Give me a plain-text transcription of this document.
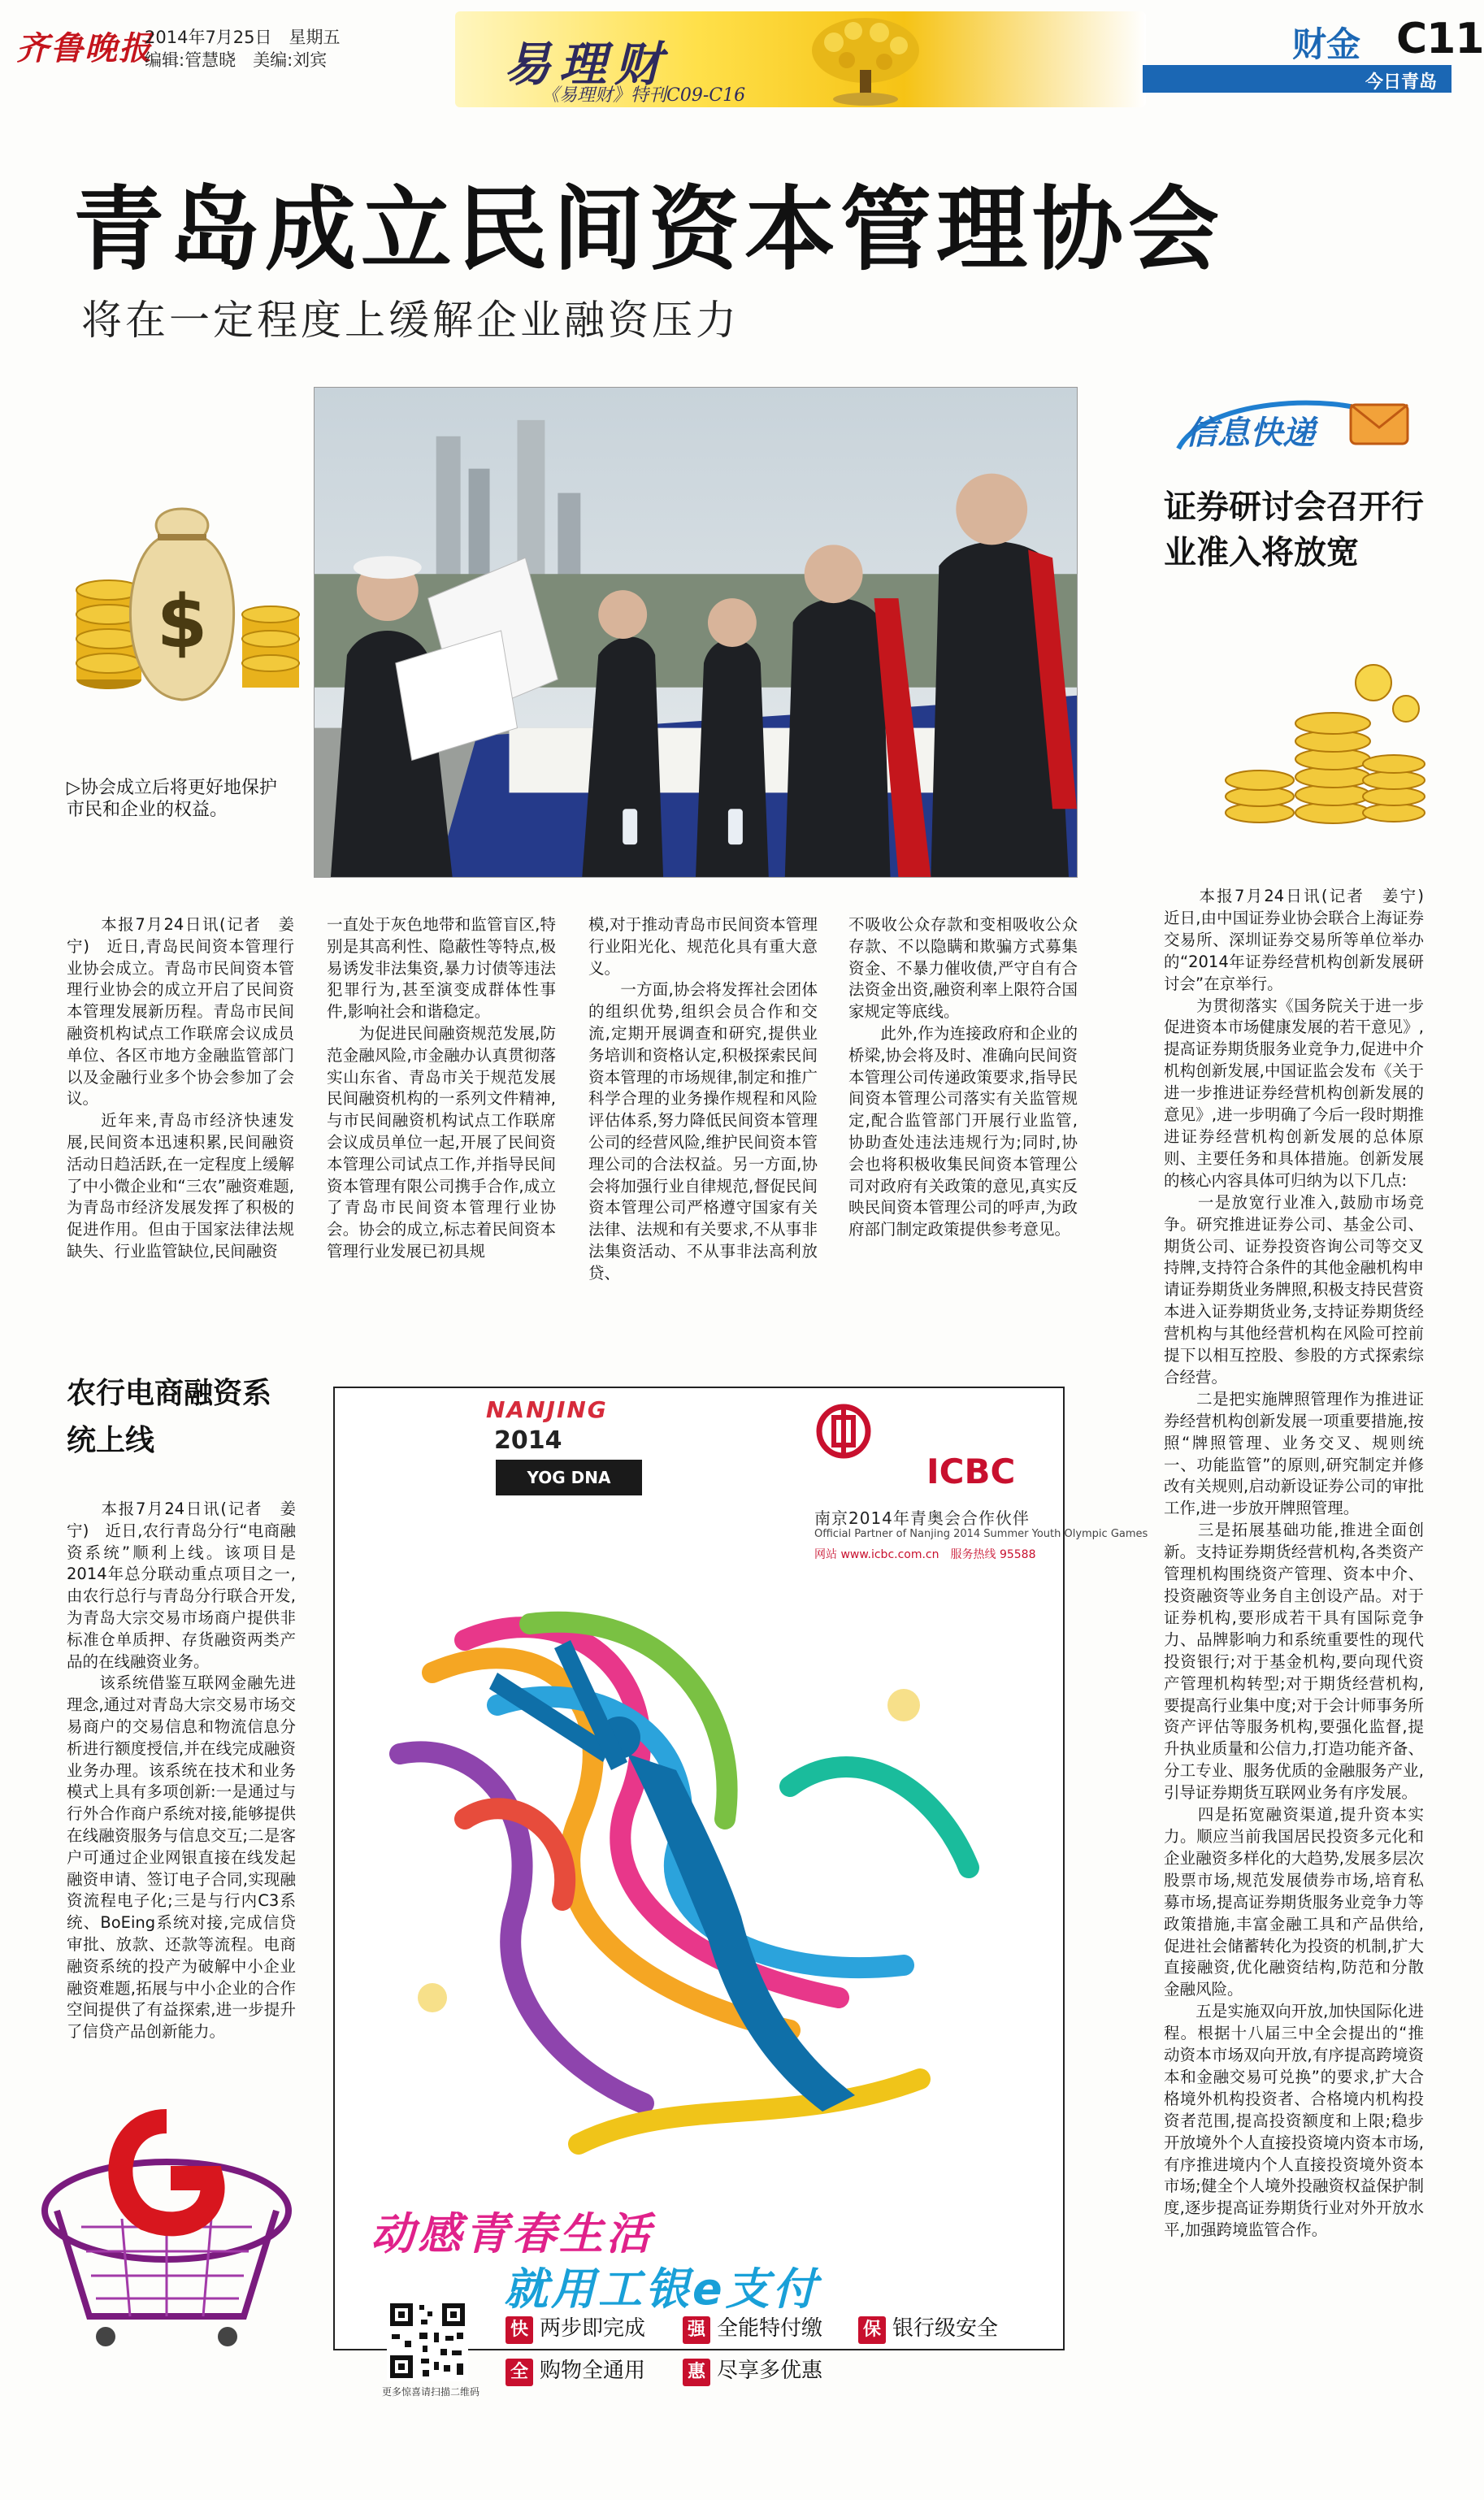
齐鲁晚报
2014年7月25日　星期五
编辑:管慧晓　美编:刘宾	易理财
《易理财》特刊C09-C16
财金 C11
今日青岛
青岛成立民间资本管理协会
将在一定程度上缓解企业融资压力
$
▷协会成立后将更好地保护市民和企业的权益。
　　本报7月24日讯(记者　姜宁)　近日,青岛民间资本管理行业协会成立。青岛市民间资本管理行业协会的成立开启了民间资本管理发展新历程。青岛市民间融资机构试点工作联席会议成员单位、各区市地方金融监管部门以及金融行业多个协会参加了会议。
　　近年来,青岛市经济快速发展,民间资本迅速积累,民间融资活动日趋活跃,在一定程度上缓解了中小微企业和“三农”融资难题,为青岛市经济发展发挥了积极的促进作用。但由于国家法律法规缺失、行业监管缺位,民间融资
一直处于灰色地带和监管盲区,特别是其高利性、隐蔽性等特点,极易诱发非法集资,暴力讨债等违法犯罪行为,甚至演变成群体性事件,影响社会和谐稳定。
　　为促进民间融资规范发展,防范金融风险,市金融办认真贯彻落实山东省、青岛市关于规范发展民间融资机构的一系列文件精神,与市民间融资机构试点工作联席会议成员单位一起,开展了民间资本管理公司试点工作,并指导民间资本管理有限公司携手合作,成立了青岛市民间资本管理行业协会。协会的成立,标志着民间资本管理行业发展已初具规
模,对于推动青岛市民间资本管理行业阳光化、规范化具有重大意义。
　　一方面,协会将发挥社会团体的组织优势,组织会员合作和交流,定期开展调查和研究,提供业务培训和资格认定,积极探索民间资本管理的市场规律,制定和推广科学合理的业务操作规程和风险评估体系,努力降低民间资本管理公司的经营风险,维护民间资本管理公司的合法权益。另一方面,协会将加强行业自律规范,督促民间资本管理公司严格遵守国家有关法律、法规和有关要求,不从事非法集资活动、不从事非法高利放贷、
不吸收公众存款和变相吸收公众存款、不以隐瞒和欺骗方式募集资金、不暴力催收债,严守自有合法资金出资,融资利率上限符合国家规定等底线。
　　此外,作为连接政府和企业的桥梁,协会将及时、准确向民间资本管理公司传递政策要求,指导民间资本管理公司落实有关监管规定,配合监管部门开展行业监管,协助查处违法违规行为;同时,协会也将积极收集民间资本管理公司对政府有关政策的意见,真实反映民间资本管理公司的呼声,为政府部门制定政策提供参考意见。
信息快递
证券研讨会召开行业准入将放宽
　　本报7月24日讯(记者　姜宁)　近日,由中国证券业协会联合上海证券交易所、深圳证券交易所等单位举办的“2014年证券经营机构创新发展研讨会”在京举行。
　　为贯彻落实《国务院关于进一步促进资本市场健康发展的若干意见》,提高证券期货服务业竞争力,促进中介机构创新发展,中国证监会发布《关于进一步推进证券经营机构创新发展的意见》,进一步明确了今后一段时期推进证券经营机构创新发展的总体原则、主要任务和具体措施。创新发展的核心内容具体可归纳为以下几点:
　　一是放宽行业准入,鼓励市场竞争。研究推进证券公司、基金公司、期货公司、证券投资咨询公司等交叉持牌,支持符合条件的其他金融机构申请证券期货业务牌照,积极支持民营资本进入证券期货业务,支持证券期货经营机构与其他经营机构在风险可控前提下以相互控股、参股的方式探索综合经营。
　　二是把实施牌照管理作为推进证券经营机构创新发展一项重要措施,按照“牌照管理、业务交叉、规则统一、功能监管”的原则,研究制定并修改有关规则,启动新设证券公司的审批工作,进一步放开牌照管理。
　　三是拓展基础功能,推进全面创新。支持证券期货经营机构,各类资产管理机构围绕资产管理、资本中介、投资融资等业务自主创设产品。对于证券机构,要形成若干具有国际竞争力、品牌影响力和系统重要性的现代投资银行;对于基金机构,要向现代资产管理机构转型;对于期货经营机构,要提高行业集中度;对于会计师事务所资产评估等服务机构,要强化监督,提升执业质量和公信力,打造功能齐备、分工专业、服务优质的金融服务产业,引导证券期货互联网业务有序发展。
　　四是拓宽融资渠道,提升资本实力。顺应当前我国居民投资多元化和企业融资多样化的大趋势,发展多层次股票市场,规范发展债券市场,培育私募市场,提高证券期货服务业竞争力等政策措施,丰富金融工具和产品供给,促进社会储蓄转化为投资的机制,扩大直接融资,优化融资结构,防范和分散金融风险。
　　五是实施双向开放,加快国际化进程。根据十八届三中全会提出的“推动资本市场双向开放,有序提高跨境资本和金融交易可兑换”的要求,扩大合格境外机构投资者、合格境内机构投资者范围,提高投资额度和上限;稳步开放境外个人直接投资境内资本市场,有序推进境内个人直接投资境外资本市场;健全个人境外投融资权益保护制度,逐步提高证券期货行业对外开放水平,加强跨境监管合作。
农行电商融资系统上线
　　本报7月24日讯(记者　姜宁)　近日,农行青岛分行“电商融资系统”顺利上线。该项目是2014年总分联动重点项目之一,由农行总行与青岛分行联合开发,为青岛大宗交易市场商户提供非标准仓单质押、存货融资两类产品的在线融资业务。
　　该系统借鉴互联网金融先进理念,通过对青岛大宗交易市场交易商户的交易信息和物流信息分析进行额度授信,并在线完成融资业务办理。该系统在技术和业务模式上具有多项创新:一是通过与行外合作商户系统对接,能够提供在线融资服务与信息交互;二是客户可通过企业网银直接在线发起融资申请、签订电子合同,实现融资流程电子化;三是与行内C3系统、BoEing系统对接,完成信贷审批、放款、还款等流程。电商融资系统的投产为破解中小企业融资难题,拓展与中小企业的合作空间提供了有益探索,进一步提升了信贷产品创新能力。
NANJING
2014
YOG DNA	ICBC
南京2014年青奥会合作伙伴
Official Partner of Nanjing 2014 Summer Youth Olympic Games
网站 www.icbc.com.cn　服务热线 95588
动感青春生活
就用工银e支付
更多惊喜请扫描二维码
快 两步即完成 强 全能特付缴 保 银行级安全
全 购物全通用 惠 尽享多优惠
